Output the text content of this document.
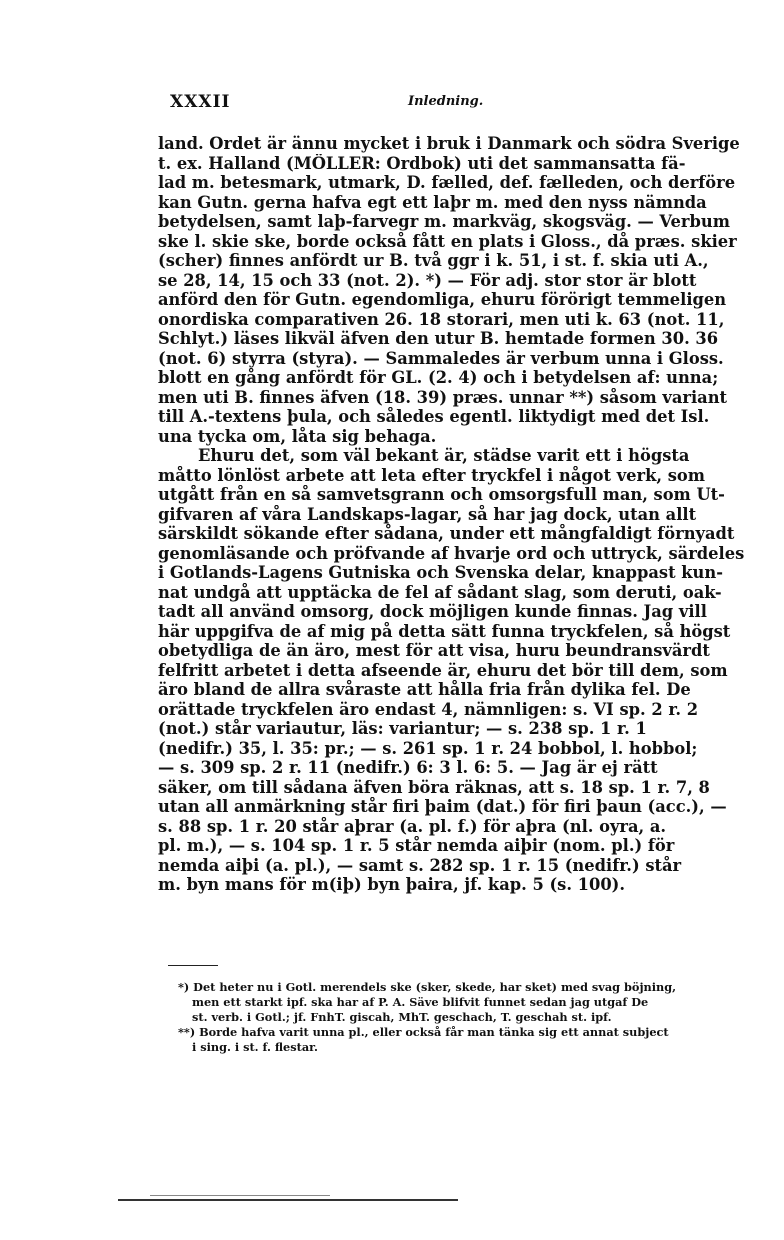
XXXII	Inledning.
land. Ordet är ännu mycket i bruk i Danmark och södra Sverige
t. ex. Halland (MÖLLER: Ordbok) uti det sammansatta fä-
lad m. betesmark, utmark, D. fælled, def. fælleden, och derföre
kan Gutn. gerna hafva egt ett laþr m. med den nyss nämnda
betydelsen, samt laþ-farvegr m. markväg, skogsväg. — Verbum
ske l. skie ske, borde också fått en plats i Gloss., då præs. skier
(scher) finnes anfördt ur B. två ggr i k. 51, i st. f. skia uti A.,
se 28, 14, 15 och 33 (not. 2). *) — För adj. stor stor är blott
anförd den för Gutn. egendomliga, ehuru förörigt temmeligen
onordiska comparativen 26. 18 storari, men uti k. 63 (not. 11,
Schlyt.) läses likväl äfven den utur B. hemtade formen 30. 36
(not. 6) styrra (styra). — Sammaledes är verbum unna i Gloss.
blott en gång anfördt för GL. (2. 4) och i betydelsen af: unna;
men uti B. finnes äfven (18. 39) præs. unnar **) såsom variant
till A.-textens þula, och således egentl. liktydigt med det Isl.
una tycka om, låta sig behaga.
Ehuru det, som väl bekant är, städse varit ett i högsta
måtto lönlöst arbete att leta efter tryckfel i något verk, som
utgått från en så samvetsgrann och omsorgsfull man, som Ut-
gifvaren af våra Landskaps-lagar, så har jag dock, utan allt
särskildt sökande efter sådana, under ett mångfaldigt förnyadt
genomläsande och pröfvande af hvarje ord och uttryck, särdeles
i Gotlands-Lagens Gutniska och Svenska delar, knappast kun-
nat undgå att upptäcka de fel af sådant slag, som deruti, oak-
tadt all använd omsorg, dock möjligen kunde finnas. Jag vill
här uppgifva de af mig på detta sätt funna tryckfelen, så högst
obetydliga de än äro, mest för att visa, huru beundransvärdt
felfritt arbetet i detta afseende är, ehuru det bör till dem, som
äro bland de allra svåraste att hålla fria från dylika fel. De
orättade tryckfelen äro endast 4, nämnligen: s. VI sp. 2 r. 2
(not.) står variautur, läs: variantur; — s. 238 sp. 1 r. 1
(nedifr.) 35, l. 35: pr.; — s. 261 sp. 1 r. 24 bobbol, l. hobbol;
— s. 309 sp. 2 r. 11 (nedifr.) 6: 3 l. 6: 5. — Jag är ej rätt
säker, om till sådana äfven böra räknas, att s. 18 sp. 1 r. 7, 8
utan all anmärkning står firi þaim (dat.) för firi þaun (acc.), —
s. 88 sp. 1 r. 20 står aþrar (a. pl. f.) för aþra (nl. oyra, a.
pl. m.), — s. 104 sp. 1 r. 5 står nemda aiþir (nom. pl.) för
nemda aiþi (a. pl.), — samt s. 282 sp. 1 r. 15 (nedifr.) står
m. byn mans för m(iþ) byn þaira, jf. kap. 5 (s. 100).
*) Det heter nu i Gotl. merendels ske (sker, skede, har sket) med svag böjning,
men ett starkt ipf. ska har af P. A. Säve blifvit funnet sedan jag utgaf De
st. verb. i Gotl.; jf. FnhT. giscah, MhT. geschach, T. geschah st. ipf.
**) Borde hafva varit unna pl., eller också får man tänka sig ett annat subject
i sing. i st. f. flestar.
